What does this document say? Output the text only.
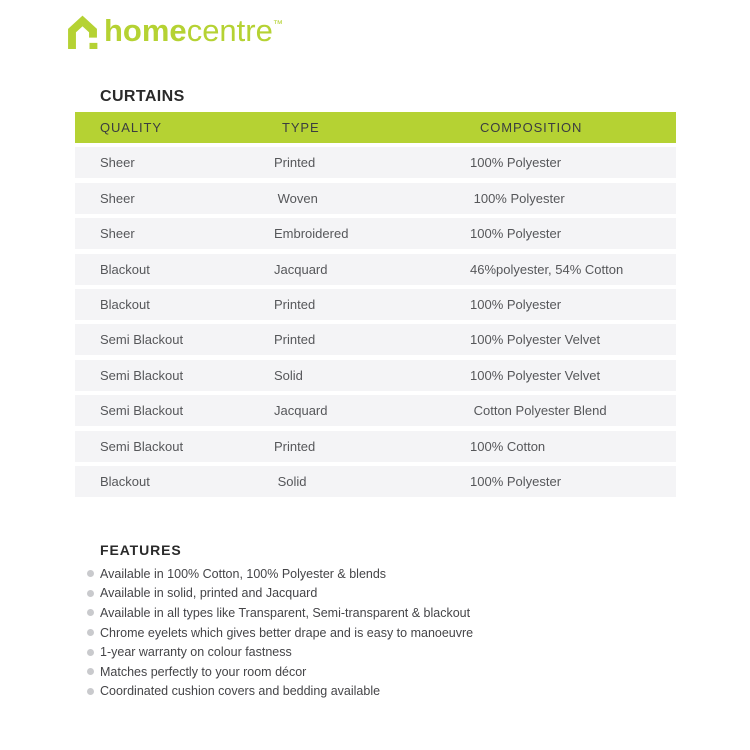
homecentre ™
CURTAINS
QUALITY	TYPE	COMPOSITION
Sheer	Printed	100% Polyester
Sheer	Woven	100% Polyester
Sheer	Embroidered	100% Polyester
Blackout	Jacquard	46%polyester, 54% Cotton
Blackout	Printed	100% Polyester
Semi Blackout	Printed	100% Polyester Velvet
Semi Blackout	Solid	100% Polyester Velvet
Semi Blackout	Jacquard	Cotton Polyester Blend
Semi Blackout	Printed	100% Cotton
Blackout	Solid	100% Polyester
FEATURES
Available in 100% Cotton, 100% Polyester & blends
Available in solid, printed and Jacquard
Available in all types like Transparent, Semi-transparent & blackout
Chrome eyelets which gives better drape and is easy to manoeuvre
1-year warranty on colour fastness
Matches perfectly to your room décor
Coordinated cushion covers and bedding available
